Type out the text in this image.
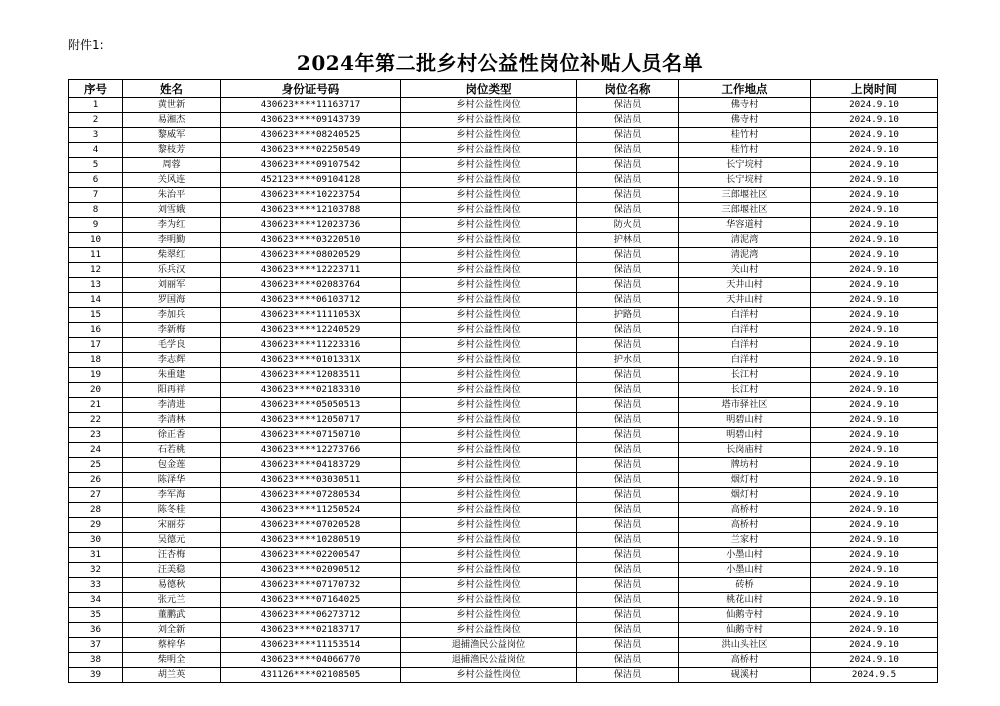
附件1:
2024年第二批乡村公益性岗位补贴人员名单
序号	姓名	身份证号码	岗位类型	岗位名称	工作地点	上岗时间
1	黄世新	430623****11163717	乡村公益性岗位	保洁员	佛寺村	2024.9.10
2	易湘杰	430623****09143739	乡村公益性岗位	保洁员	佛寺村	2024.9.10
3	黎威军	430623****08240525	乡村公益性岗位	保洁员	桂竹村	2024.9.10
4	黎枝芳	430623****02250549	乡村公益性岗位	保洁员	桂竹村	2024.9.10
5	周蓉	430623****09107542	乡村公益性岗位	保洁员	长宁垸村	2024.9.10
6	关风连	452123****09104128	乡村公益性岗位	保洁员	长宁垸村	2024.9.10
7	朱治平	430623****10223754	乡村公益性岗位	保洁员	三郎堰社区	2024.9.10
8	刘雪娥	430623****12103788	乡村公益性岗位	保洁员	三郎堰社区	2024.9.10
9	李为红	430623****12023736	乡村公益性岗位	防火员	华容道村	2024.9.10
10	李明勤	430623****03220510	乡村公益性岗位	护林员	清泥湾	2024.9.10
11	柴翠红	430623****08020529	乡村公益性岗位	保洁员	清泥湾	2024.9.10
12	乐兵汉	430623****12223711	乡村公益性岗位	保洁员	关山村	2024.9.10
13	刘丽军	430623****02083764	乡村公益性岗位	保洁员	天井山村	2024.9.10
14	罗国海	430623****06103712	乡村公益性岗位	保洁员	天井山村	2024.9.10
15	李加兵	430623****1111053X	乡村公益性岗位	护路员	白洋村	2024.9.10
16	李新梅	430623****12240529	乡村公益性岗位	保洁员	白洋村	2024.9.10
17	毛学良	430623****11223316	乡村公益性岗位	保洁员	白洋村	2024.9.10
18	李志辉	430623****0101331X	乡村公益性岗位	护水员	白洋村	2024.9.10
19	朱重建	430623****12083511	乡村公益性岗位	保洁员	长江村	2024.9.10
20	阳再祥	430623****02183310	乡村公益性岗位	保洁员	长江村	2024.9.10
21	李清进	430623****05050513	乡村公益性岗位	保洁员	塔市驿社区	2024.9.10
22	李清林	430623****12050717	乡村公益性岗位	保洁员	明碧山村	2024.9.10
23	徐正香	430623****07150710	乡村公益性岗位	保洁员	明碧山村	2024.9.10
24	石若桃	430623****12273766	乡村公益性岗位	保洁员	长岗庙村	2024.9.10
25	包金莲	430623****04183729	乡村公益性岗位	保洁员	牌坊村	2024.9.10
26	陈泽华	430623****03030511	乡村公益性岗位	保洁员	烟灯村	2024.9.10
27	李军海	430623****07280534	乡村公益性岗位	保洁员	烟灯村	2024.9.10
28	陈冬桂	430623****11250524	乡村公益性岗位	保洁员	高桥村	2024.9.10
29	宋丽芬	430623****07020528	乡村公益性岗位	保洁员	高桥村	2024.9.10
30	吴德元	430623****10280519	乡村公益性岗位	保洁员	兰家村	2024.9.10
31	汪杏梅	430623****02200547	乡村公益性岗位	保洁员	小墨山村	2024.9.10
32	汪美稳	430623****02090512	乡村公益性岗位	保洁员	小墨山村	2024.9.10
33	易德秋	430623****07170732	乡村公益性岗位	保洁员	砖桥	2024.9.10
34	张元兰	430623****07164025	乡村公益性岗位	保洁员	桃花山村	2024.9.10
35	董鹏武	430623****06273712	乡村公益性岗位	保洁员	仙鹅寺村	2024.9.10
36	刘全新	430623****02183717	乡村公益性岗位	保洁员	仙鹅寺村	2024.9.10
37	蔡梓华	430623****11153514	退捕渔民公益岗位	保洁员	洪山头社区	2024.9.10
38	柴明全	430623****04066770	退捕渔民公益岗位	保洁员	高桥村	2024.9.10
39	胡兰英	431126****02108505	乡村公益性岗位	保洁员	砚溪村	2024.9.5
